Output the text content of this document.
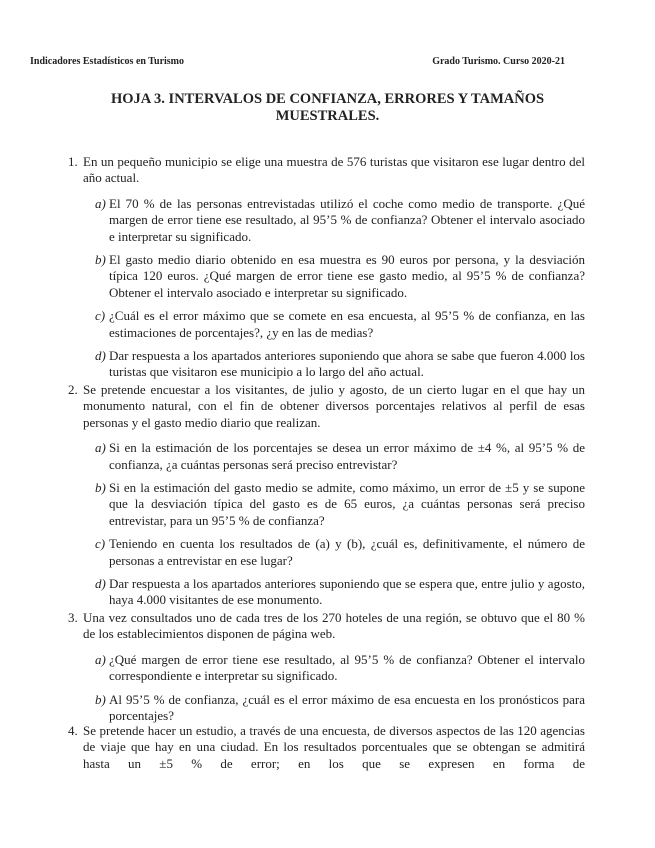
Indicadores Estadísticos en Turismo	Grado Turismo. Curso 2020-21
HOJA 3. INTERVALOS DE CONFIANZA, ERRORES Y TAMAÑOS MUESTRALES.
1. En un pequeño municipio se elige una muestra de 576 turistas que visitaron ese lugar dentro del año actual.
a) El 70 % de las personas entrevistadas utilizó el coche como medio de transporte. ¿Qué margen de error tiene ese resultado, al 95’5 % de confianza? Obtener el intervalo asociado e interpretar su significado.
b) El gasto medio diario obtenido en esa muestra es 90 euros por persona, y la desviación típica 120 euros. ¿Qué margen de error tiene ese gasto medio, al 95’5 % de confianza? Obtener el intervalo asociado e interpretar su significado.
c) ¿Cuál es el error máximo que se comete en esa encuesta, al 95’5 % de confianza, en las estimaciones de porcentajes?, ¿y en las de medias?
d) Dar respuesta a los apartados anteriores suponiendo que ahora se sabe que fueron 4.000 los turistas que visitaron ese municipio a lo largo del año actual.
2. Se pretende encuestar a los visitantes, de julio y agosto, de un cierto lugar en el que hay un monumento natural, con el fin de obtener diversos porcentajes relativos al perfil de esas personas y el gasto medio diario que realizan.
a) Si en la estimación de los porcentajes se desea un error máximo de ±4 %, al 95’5 % de confianza, ¿a cuántas personas será preciso entrevistar?
b) Si en la estimación del gasto medio se admite, como máximo, un error de ±5 y se supone que la desviación típica del gasto es de 65 euros, ¿a cuántas personas será preciso entrevistar, para un 95’5 % de confianza?
c) Teniendo en cuenta los resultados de (a) y (b), ¿cuál es, definitivamente, el número de personas a entrevistar en ese lugar?
d) Dar respuesta a los apartados anteriores suponiendo que se espera que, entre julio y agosto, haya 4.000 visitantes de ese monumento.
3. Una vez consultados uno de cada tres de los 270 hoteles de una región, se obtuvo que el 80 % de los establecimientos disponen de página web.
a) ¿Qué margen de error tiene ese resultado, al 95’5 % de confianza? Obtener el intervalo correspondiente e interpretar su significado.
b) Al 95’5 % de confianza, ¿cuál es el error máximo de esa encuesta en los pronósticos para porcentajes?
4. Se pretende hacer un estudio, a través de una encuesta, de diversos aspectos de las 120 agencias de viaje que hay en una ciudad. En los resultados porcentuales que se obtengan se admitirá hasta un ±5 % de error; en los que se expresen en forma de
